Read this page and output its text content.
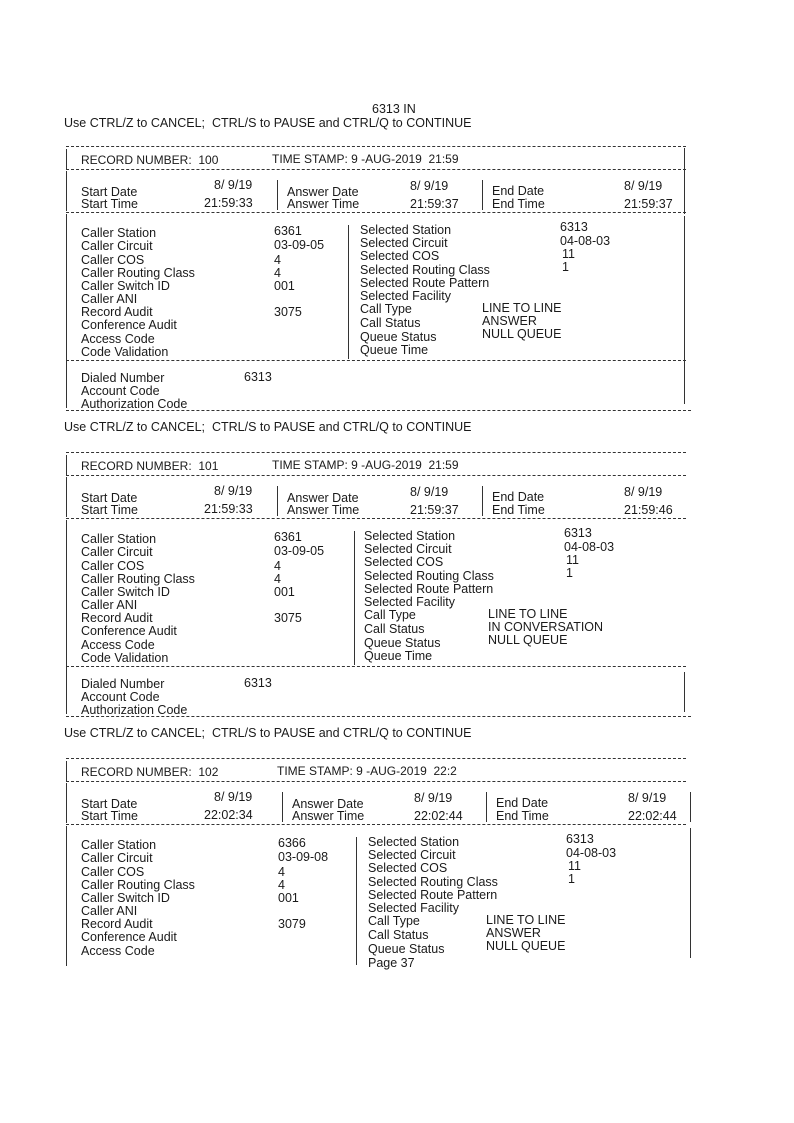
6313 IN
Use CTRL/Z to CANCEL;  CTRL/S to PAUSE and CTRL/Q to CONTINUE
RECORD NUMBER: 100	TIME STAMP: 9 -AUG-2019  21:59
Start Date	8/ 9/19
Start Time	21:59:33
Answer Date	8/ 9/19
Answer Time	21:59:37
End Date	8/ 9/19
End Time	21:59:37
Caller Station	6361
Caller Circuit	03-09-05
Caller COS	4
Caller Routing Class	4
Caller Switch ID	001
Caller ANI
Record Audit	3075
Conference Audit
Access Code
Code Validation
Selected Station	6313
Selected Circuit	04-08-03
Selected COS	11
Selected Routing Class	1
Selected Route Pattern
Selected Facility
Call Type	LINE TO LINE
Call Status	ANSWER
Queue Status	NULL QUEUE
Queue Time
Dialed Number	6313
Account Code
Authorization Code
Use CTRL/Z to CANCEL;  CTRL/S to PAUSE and CTRL/Q to CONTINUE
RECORD NUMBER: 101	TIME STAMP: 9 -AUG-2019  21:59
Start Date	8/ 9/19
Start Time	21:59:33
Answer Date	8/ 9/19
Answer Time	21:59:37
End Date	8/ 9/19
End Time	21:59:46
Caller Station	6361
Caller Circuit	03-09-05
Caller COS	4
Caller Routing Class	4
Caller Switch ID	001
Caller ANI
Record Audit	3075
Conference Audit
Access Code
Code Validation
Selected Station	6313
Selected Circuit	04-08-03
Selected COS	11
Selected Routing Class	1
Selected Route Pattern
Selected Facility
Call Type	LINE TO LINE
Call Status	IN CONVERSATION
Queue Status	NULL QUEUE
Queue Time
Dialed Number	6313
Account Code
Authorization Code
Use CTRL/Z to CANCEL;  CTRL/S to PAUSE and CTRL/Q to CONTINUE
RECORD NUMBER: 102	TIME STAMP: 9 -AUG-2019  22:2
Start Date	8/ 9/19
Start Time	22:02:34
Answer Date	8/ 9/19
Answer Time	22:02:44
End Date	8/ 9/19
End Time	22:02:44
Caller Station	6366
Caller Circuit	03-09-08
Caller COS	4
Caller Routing Class	4
Caller Switch ID	001
Caller ANI
Record Audit	3079
Conference Audit
Access Code
Selected Station	6313
Selected Circuit	04-08-03
Selected COS	11
Selected Routing Class	1
Selected Route Pattern
Selected Facility
Call Type	LINE TO LINE
Call Status	ANSWER
Queue Status	NULL QUEUE
Page 37
